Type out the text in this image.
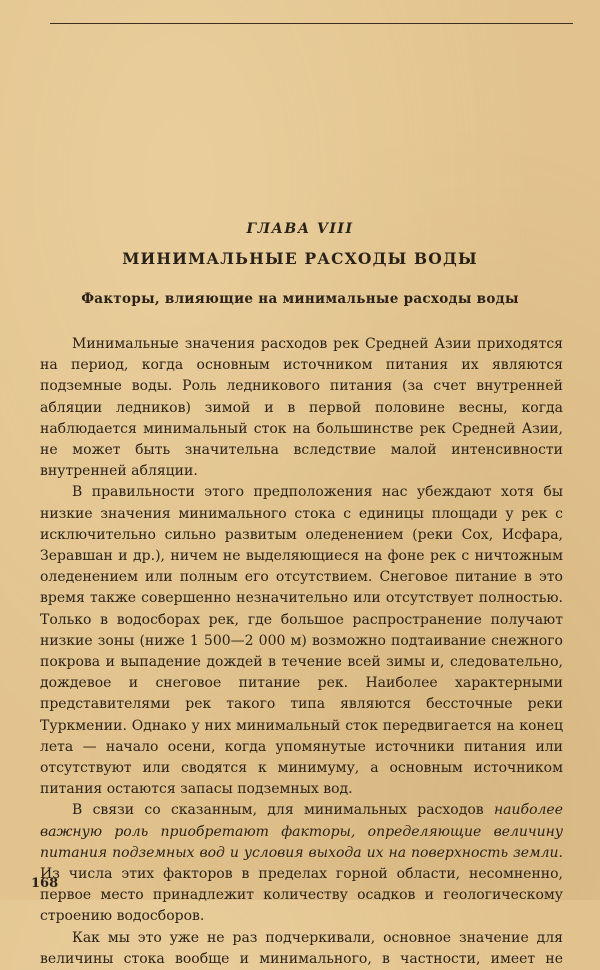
ГЛАВА VIII
МИНИМАЛЬНЫЕ РАСХОДЫ ВОДЫ
Факторы, влияющие на минимальные расходы воды

Минимальные значения расходов рек Средней Азии приходятся на период, когда основным источником питания их являются подземные воды. Роль ледникового питания (за счет внутренней абляции ледников) зимой и в первой половине весны, когда наблюдается минимальный сток на большинстве рек Средней Азии, не может быть значительна вследствие малой интенсивности внутренней абляции.

В правильности этого предположения нас убеждают хотя бы низкие значения минимального стока с единицы площади у рек с исключительно сильно развитым оледенением (реки Сох, Исфара, Зеравшан и др.), ничем не выделяющиеся на фоне рек с ничтожным оледенением или полным его отсутствием. Снеговое питание в это время также совершенно незначительно или отсутствует полностью. Только в водосборах рек, где большое распространение получают низкие зоны (ниже 1 500—2 000 м) возможно подтаивание снежного покрова и выпадение дождей в течение всей зимы и, следовательно, дождевое и снеговое питание рек. Наиболее характерными представителями рек такого типа являются бессточные реки Туркмении. Однако у них минимальный сток передвигается на конец лета — начало осени, когда упомянутые источники питания или отсутствуют или сводятся к минимуму, а основным источником питания остаются запасы подземных вод.

В связи со сказанным, для минимальных расходов наиболее важную роль приобретают факторы, определяющие величину питания подземных вод и условия выхода их на поверхность земли. Из числа этих факторов в пределах горной области, несомненно, первое место принадлежит количеству осадков и геологическому строению водосборов.

Как мы это уже не раз подчеркивали, основное значение для величины стока вообще и минимального, в частности, имеет не

168
